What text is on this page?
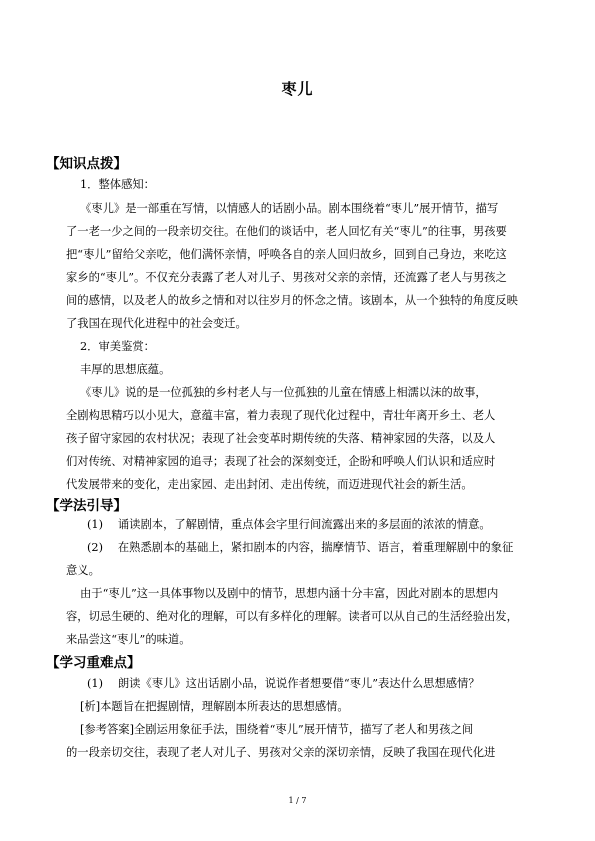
枣儿
【知识点拨】
1．整体感知：
《枣儿》是一部重在写情，以情感人的话剧小品。剧本围绕着“枣儿”展开情节，描写
了一老一少之间的一段亲切交往。在他们的谈话中，老人回忆有关“枣儿”的往事，男孩要
把“枣儿”留给父亲吃，他们满怀亲情，呼唤各自的亲人回归故乡，回到自己身边，来吃这
家乡的“枣儿”。不仅充分表露了老人对儿子、男孩对父亲的亲情，还流露了老人与男孩之
间的感情，以及老人的故乡之情和对以往岁月的怀念之情。该剧本，从一个独特的角度反映
了我国在现代化进程中的社会变迁。
2．审美鉴赏：
丰厚的思想底蕴。
《枣儿》说的是一位孤独的乡村老人与一位孤独的儿童在情感上相濡以沫的故事，
全剧构思精巧以小见大，意蕴丰富，着力表现了现代化过程中，青壮年离开乡土、老人
孩子留守家园的农村状况；表现了社会变革时期传统的失落、精神家园的失落，以及人
们对传统、对精神家园的追寻；表现了社会的深刻变迁，企盼和呼唤人们认识和适应时
代发展带来的变化，走出家园、走出封闭、走出传统，而迈进现代社会的新生活。
【学法引导】
(1)　 诵读剧本，了解剧情，重点体会字里行间流露出来的多层面的浓浓的情意。
(2)　 在熟悉剧本的基础上，紧扣剧本的内容，揣摩情节、语言，着重理解剧中的象征
意义。
由于“枣儿”这一具体事物以及剧中的情节，思想内涵十分丰富，因此对剧本的思想内
容，切忌生硬的、绝对化的理解，可以有多样化的理解。读者可以从自己的生活经验出发，
来品尝这“枣儿”的味道。
【学习重难点】
(1)　 朗读《枣儿》这出话剧小品，说说作者想要借“枣儿”表达什么思想感情？
[析]本题旨在把握剧情，理解剧本所表达的思想感情。
[参考答案]全剧运用象征手法，围绕着“枣儿”展开情节，描写了老人和男孩之间
的一段亲切交往，表现了老人对儿子、男孩对父亲的深切亲情，反映了我国在现代化进
1 / 7
